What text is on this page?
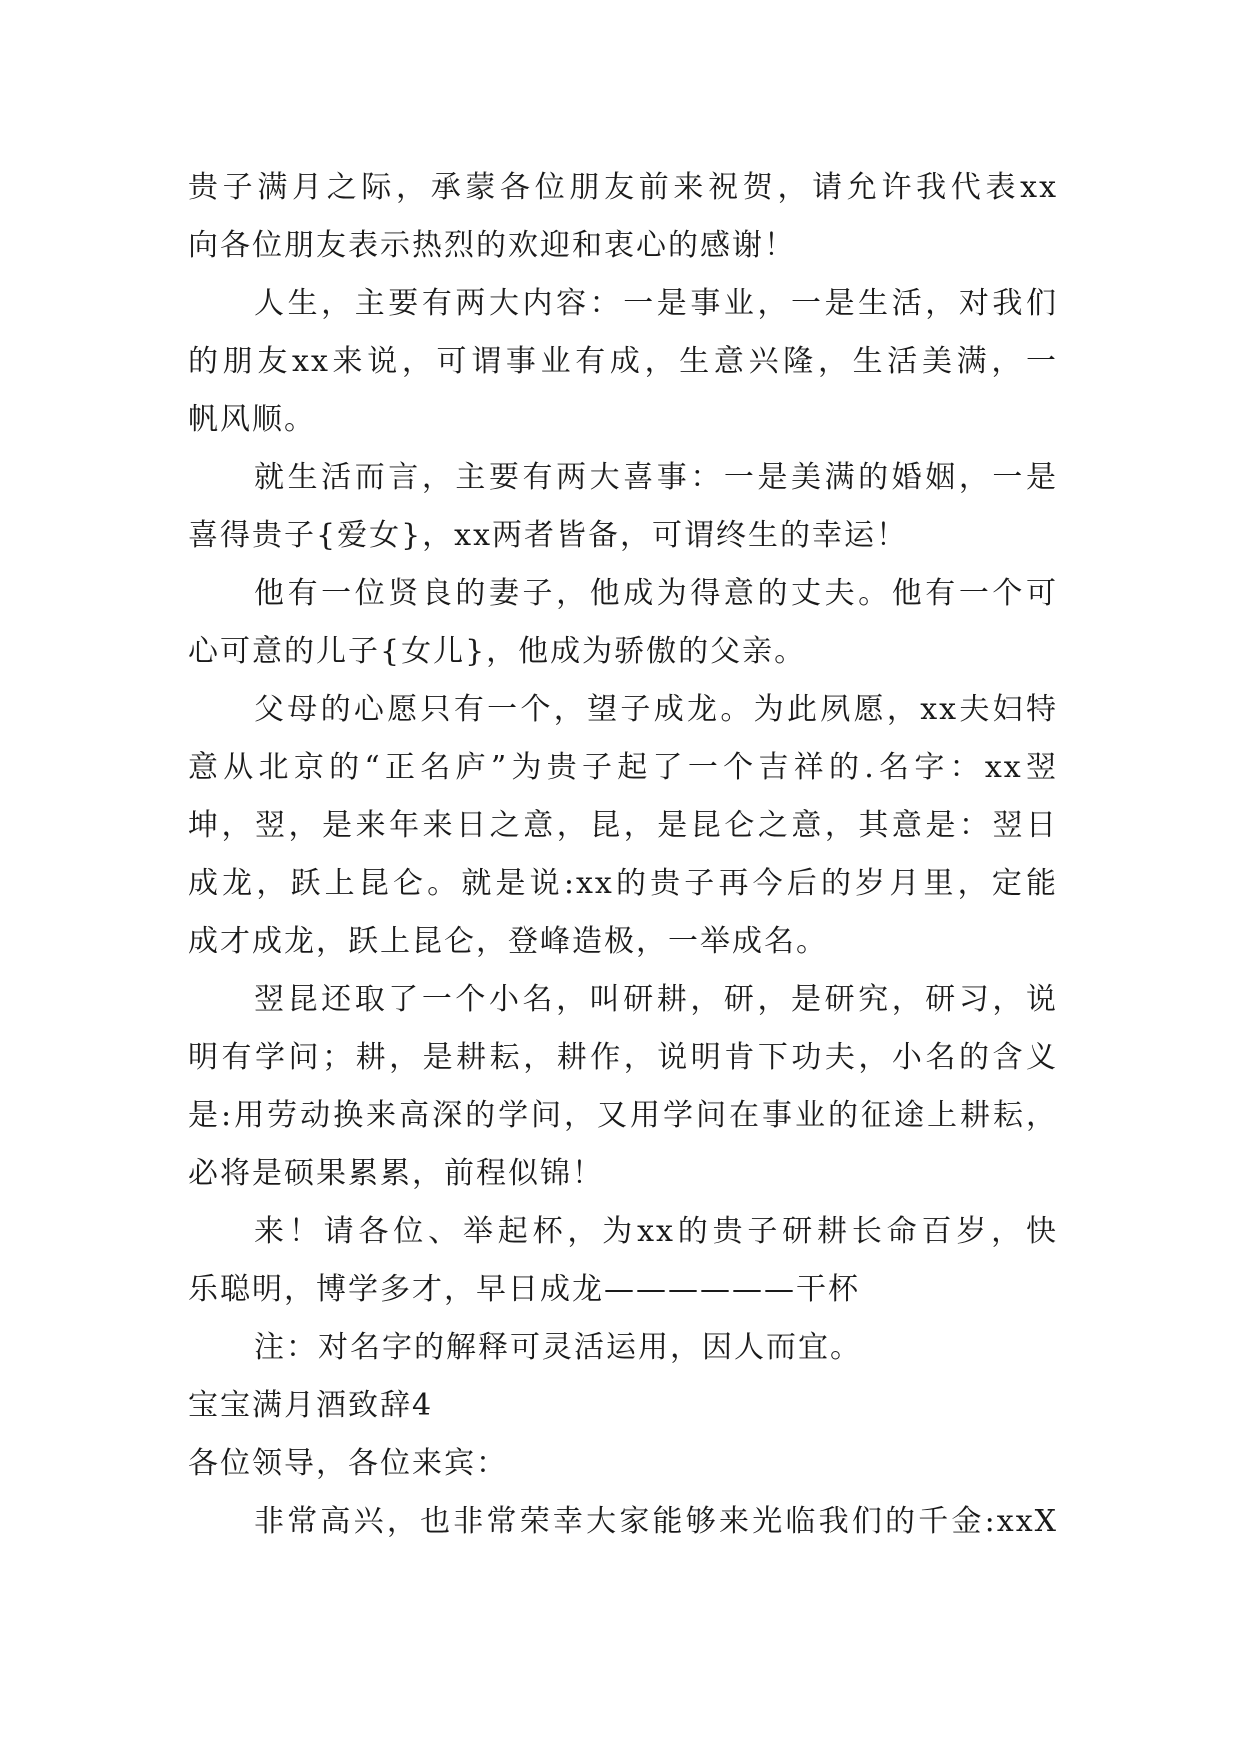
贵子满月之际，承蒙各位朋友前来祝贺，请允许我代表xx
向各位朋友表示热烈的欢迎和衷心的感谢！
人生，主要有两大内容：一是事业，一是生活，对我们
的朋友xx来说，可谓事业有成，生意兴隆，生活美满，一
帆风顺。
就生活而言，主要有两大喜事：一是美满的婚姻，一是
喜得贵子{爱女}，xx两者皆备，可谓终生的幸运！
他有一位贤良的妻子，他成为得意的丈夫。他有一个可
心可意的儿子{女儿}，他成为骄傲的父亲。
父母的心愿只有一个，望子成龙。为此夙愿，xx夫妇特
意从北京的“正名庐”为贵子起了一个吉祥的.名字：xx翌
坤，翌，是来年来日之意，昆，是昆仑之意，其意是：翌日
成龙，跃上昆仑。就是说:xx的贵子再今后的岁月里，定能
成才成龙，跃上昆仑，登峰造极，一举成名。
翌昆还取了一个小名，叫研耕，研，是研究，研习，说
明有学问；耕，是耕耘，耕作，说明肯下功夫，小名的含义
是:用劳动换来高深的学问，又用学问在事业的征途上耕耘，
必将是硕果累累，前程似锦！
来！请各位、举起杯，为xx的贵子研耕长命百岁，快
乐聪明，博学多才，早日成龙——————干杯
注：对名字的解释可灵活运用，因人而宜。
宝宝满月酒致辞4
各位领导，各位来宾：
非常高兴，也非常荣幸大家能够来光临我们的千金:xxX
